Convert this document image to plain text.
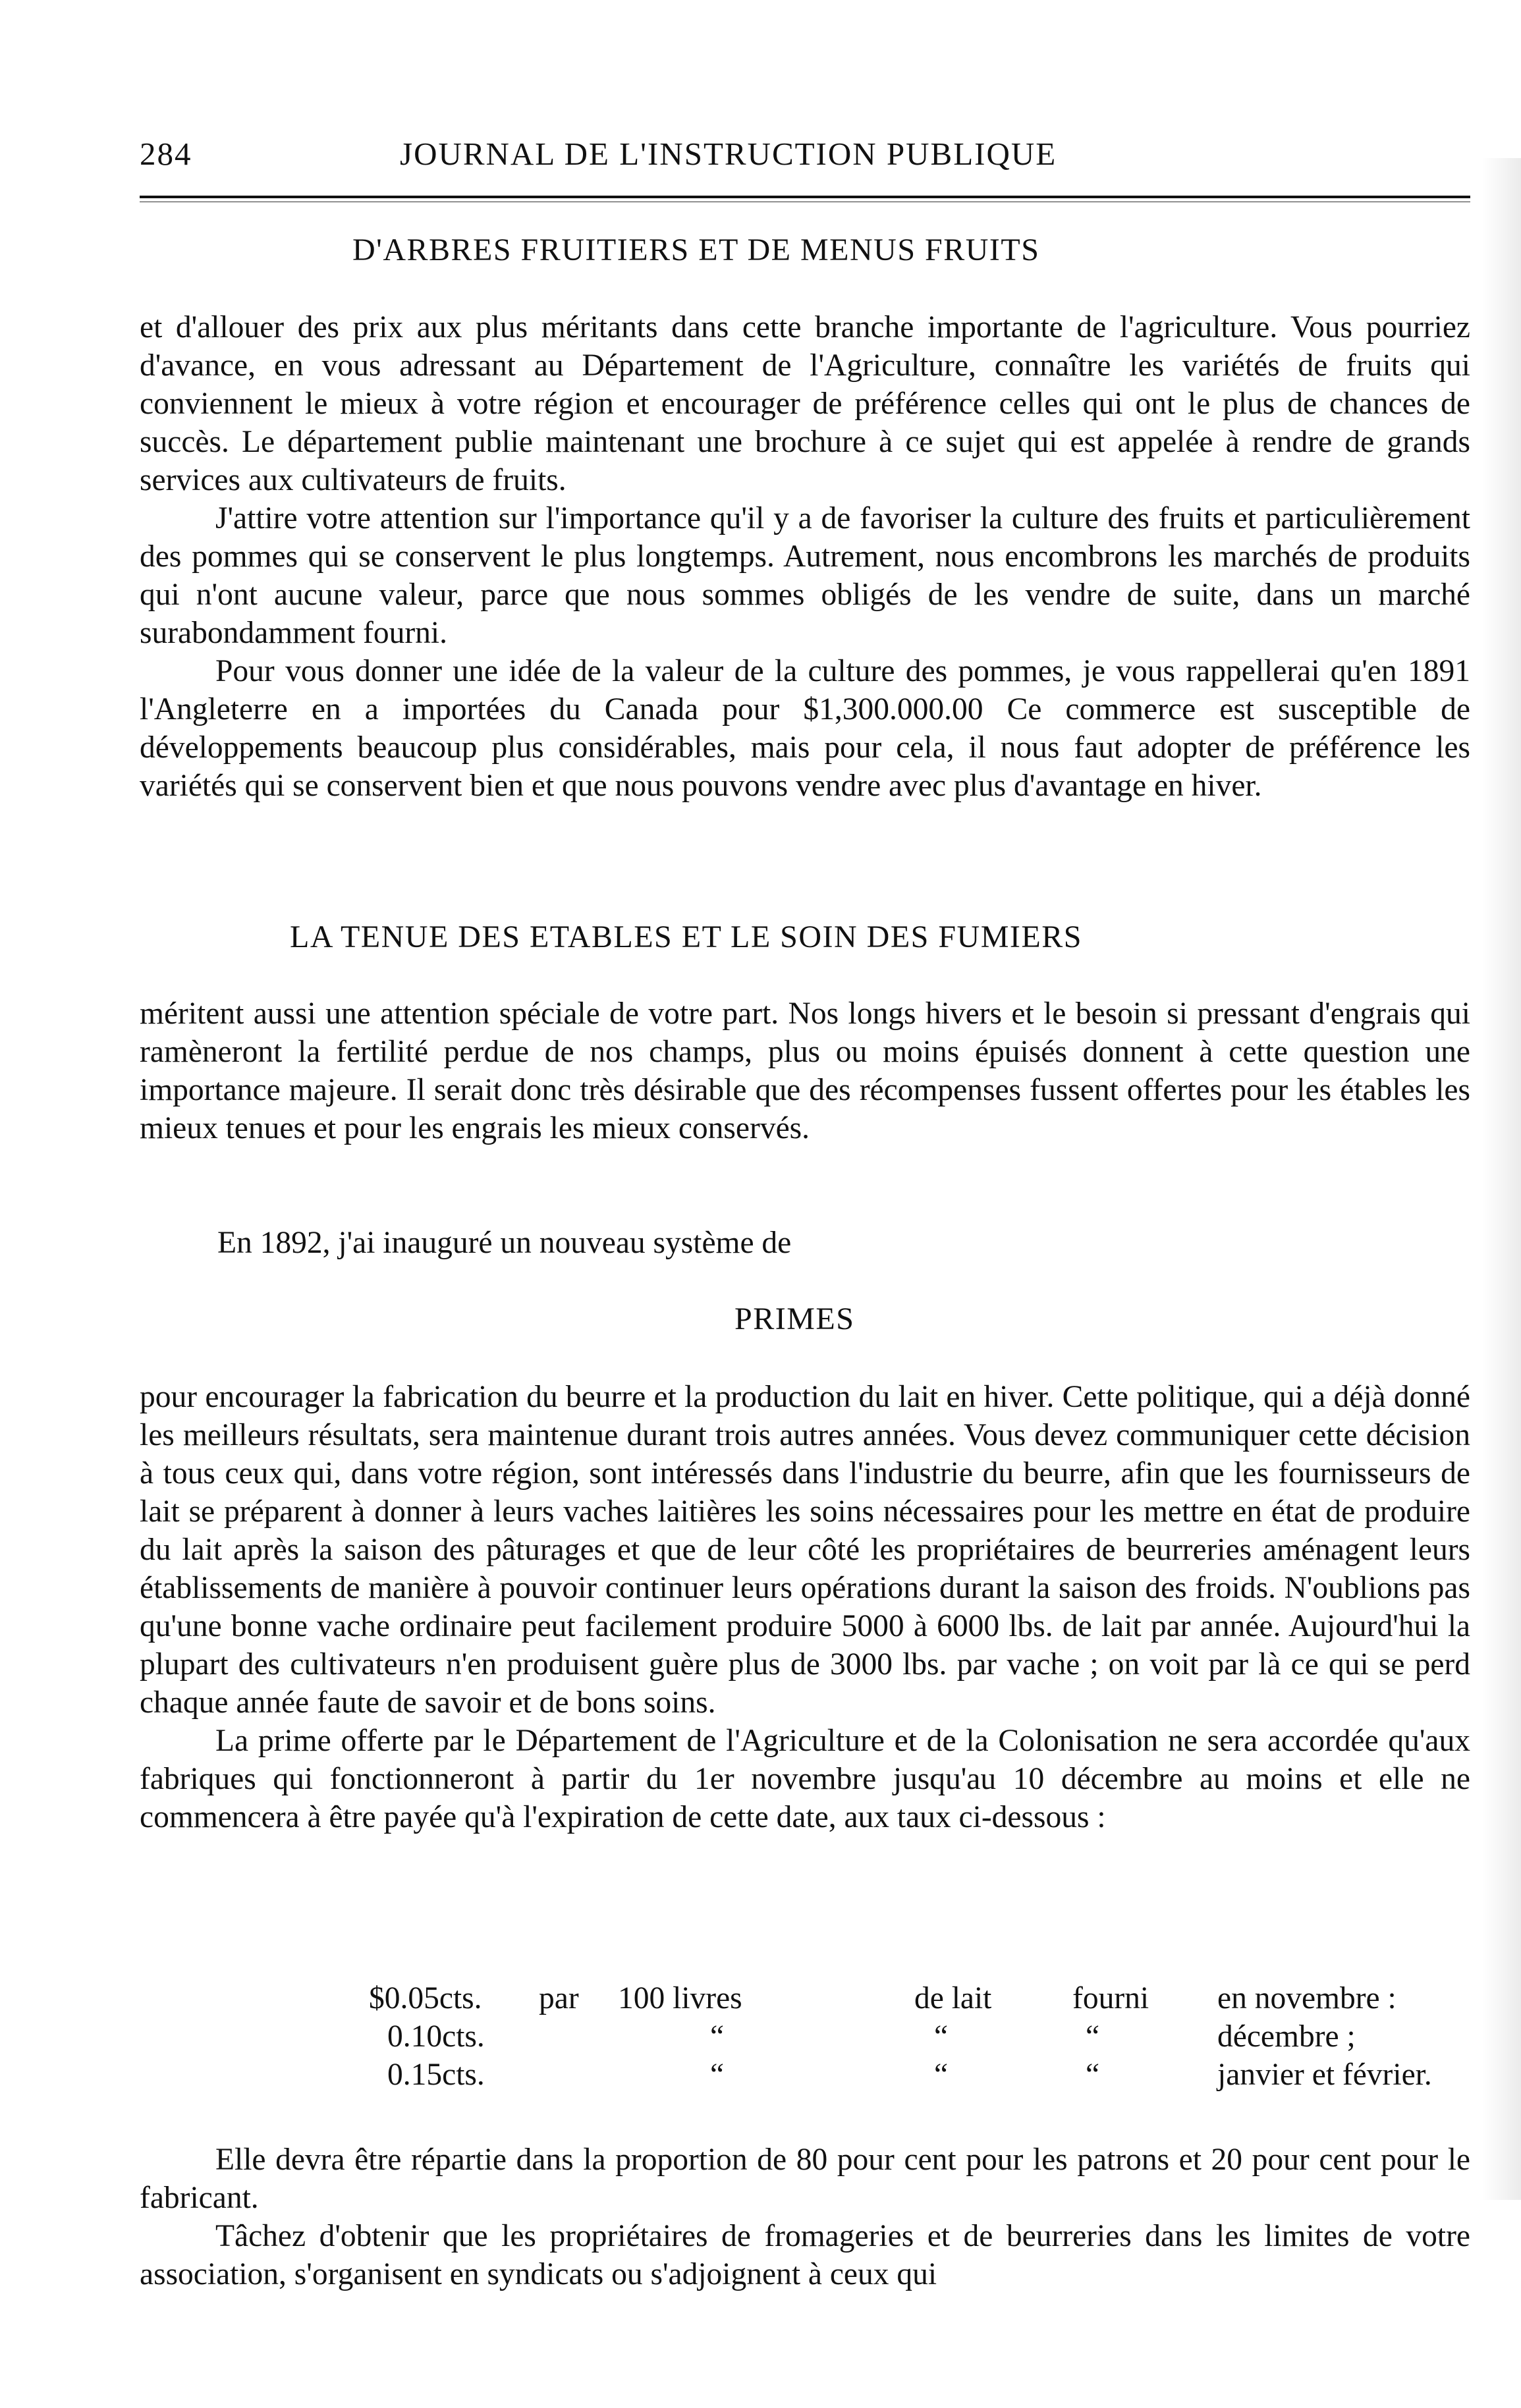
284	JOURNAL DE L'INSTRUCTION PUBLIQUE
D'ARBRES FRUITIERS ET DE MENUS FRUITS

et d'allouer des prix aux plus méritants dans cette branche importante de l'agriculture. Vous pourriez d'avance, en vous adressant au Département de l'Agriculture, connaître les variétés de fruits qui conviennent le mieux à votre région et encourager de préférence celles qui ont le plus de chances de succès. Le département publie maintenant une brochure à ce sujet qui est appelée à rendre de grands services aux cultivateurs de fruits.

J'attire votre attention sur l'importance qu'il y a de favoriser la culture des fruits et particulièrement des pommes qui se conservent le plus longtemps. Autrement, nous encombrons les marchés de produits qui n'ont aucune valeur, parce que nous sommes obligés de les vendre de suite, dans un marché surabondamment fourni.

Pour vous donner une idée de la valeur de la culture des pommes, je vous rappellerai qu'en 1891 l'Angleterre en a importées du Canada pour $1,300.000.00 Ce commerce est susceptible de développements beaucoup plus considérables, mais pour cela, il nous faut adopter de préférence les variétés qui se conservent bien et que nous pouvons vendre avec plus d'avantage en hiver.

LA TENUE DES ETABLES ET LE SOIN DES FUMIERS

méritent aussi une attention spéciale de votre part. Nos longs hivers et le besoin si pressant d'engrais qui ramèneront la fertilité perdue de nos champs, plus ou moins épuisés donnent à cette question une importance majeure. Il serait donc très désirable que des récompenses fussent offertes pour les étables les mieux tenues et pour les engrais les mieux conservés.

En 1892, j'ai inauguré un nouveau système de
PRIMES

pour encourager la fabrication du beurre et la production du lait en hiver. Cette politique, qui a déjà donné les meilleurs résultats, sera maintenue durant trois autres années. Vous devez communiquer cette décision à tous ceux qui, dans votre région, sont intéressés dans l'industrie du beurre, afin que les fournisseurs de lait se préparent à donner à leurs vaches laitières les soins nécessaires pour les mettre en état de produire du lait après la saison des pâturages et que de leur côté les propriétaires de beurreries aménagent leurs établissements de manière à pouvoir continuer leurs opérations durant la saison des froids. N'oublions pas qu'une bonne vache ordinaire peut facilement produire 5000 à 6000 lbs. de lait par année. Aujourd'hui la plupart des cultivateurs n'en produisent guère plus de 3000 lbs. par vache ; on voit par là ce qui se perd chaque année faute de savoir et de bons soins.

La prime offerte par le Département de l'Agriculture et de la Colonisation ne sera accordée qu'aux fabriques qui fonctionneront à partir du 1er novembre jusqu'au 10 décembre au moins et elle ne commencera à être payée qu'à l'expiration de cette date, aux taux ci-dessous :

$0.05cts.	par	100 livres	de lait	fourni	en novembre :
0.10cts.		“	“	“	décembre ;
0.15cts.		“	“	“	janvier et février.

Elle devra être répartie dans la proportion de 80 pour cent pour les patrons et 20 pour cent pour le fabricant.

Tâchez d'obtenir que les propriétaires de fromageries et de beurreries dans les limites de votre association, s'organisent en syndicats ou s'adjoignent à ceux qui
